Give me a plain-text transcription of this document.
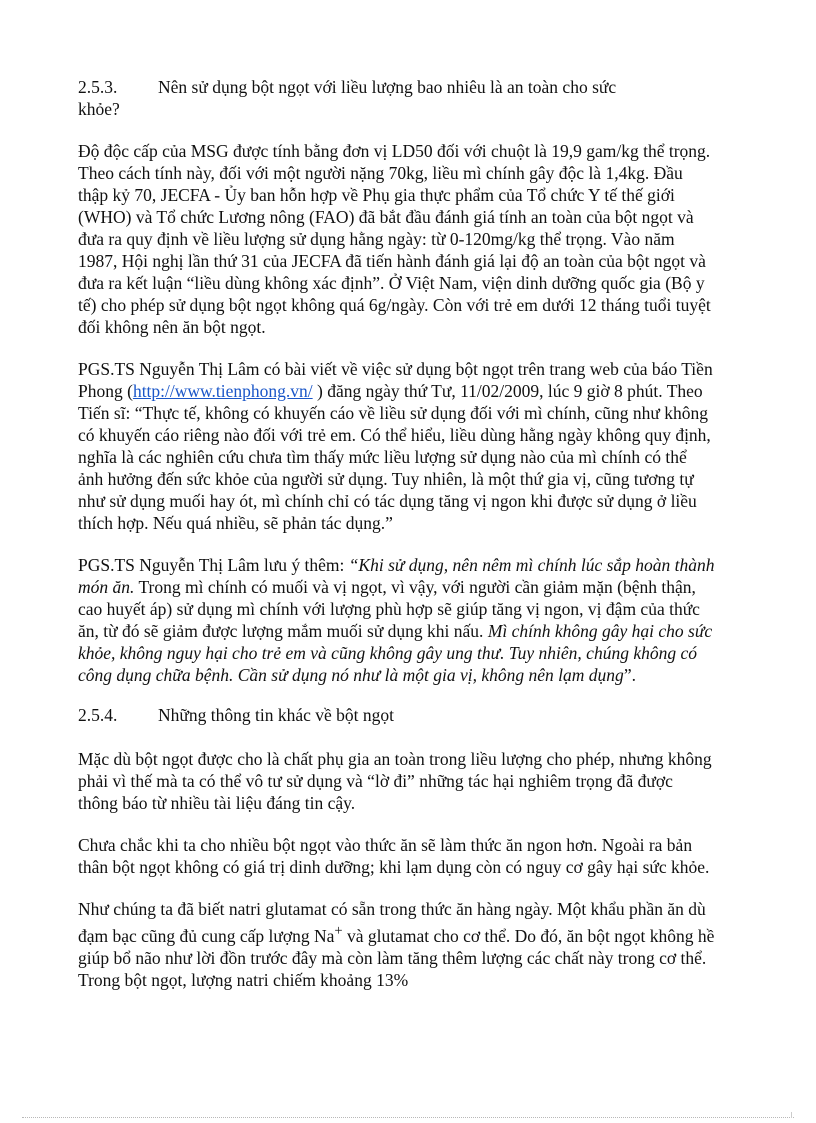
2.5.3.	Nên sử dụng bột ngọt với liều lượng bao nhiêu là an toàn cho sức
khỏe?

Độ độc cấp của MSG được tính bằng đơn vị LD50 đối với chuột là 19,9 gam/kg thể trọng. Theo cách tính này, đối với một người nặng 70kg, liều mì chính gây độc là 1,4kg. Đầu thập kỷ 70, JECFA - Ủy ban hỗn hợp về Phụ gia thực phẩm của Tổ chức Y tế thế giới (WHO) và Tổ chức Lương nông (FAO) đã bắt đầu đánh giá tính an toàn của bột ngọt và đưa ra quy định về liều lượng sử dụng hằng ngày: từ 0-120mg/kg thể trọng. Vào năm 1987, Hội nghị lần thứ 31 của JECFA đã tiến hành đánh giá lại độ an toàn của bột ngọt và đưa ra kết luận “liều dùng không xác định”. Ở Việt Nam, viện dinh dưỡng quốc gia (Bộ y tế) cho phép sử dụng bột ngọt không quá 6g/ngày. Còn với trẻ em dưới 12 tháng tuổi tuyệt đối không nên ăn bột ngọt.

PGS.TS Nguyễn Thị Lâm có bài viết về việc sử dụng bột ngọt trên trang web của báo Tiền Phong (http://www.tienphong.vn/ ) đăng ngày thứ Tư, 11/02/2009, lúc 9 giờ 8 phút. Theo Tiến sĩ: “Thực tế, không có khuyến cáo về liều sử dụng đối với mì chính, cũng như không có khuyến cáo riêng nào đối với trẻ em. Có thể hiểu, liều dùng hằng ngày không quy định, nghĩa là các nghiên cứu chưa tìm thấy mức liều lượng sử dụng nào của mì chính có thể ảnh hưởng đến sức khỏe của người sử dụng. Tuy nhiên, là một thứ gia vị, cũng tương tự như sử dụng muối hay ót, mì chính chỉ có tác dụng tăng vị ngon khi được sử dụng ở liều thích hợp. Nếu quá nhiều, sẽ phản tác dụng.”

PGS.TS Nguyễn Thị Lâm lưu ý thêm: “Khi sử dụng, nên nêm mì chính lúc sắp hoàn thành món ăn. Trong mì chính có muối và vị ngọt, vì vậy, với người cần giảm mặn (bệnh thận, cao huyết áp) sử dụng mì chính với lượng phù hợp sẽ giúp tăng vị ngon, vị đậm của thức ăn, từ đó sẽ giảm được lượng mắm muối sử dụng khi nấu. Mì chính không gây hại cho sức khỏe, không nguy hại cho trẻ em và cũng không gây ung thư. Tuy nhiên, chúng không có công dụng chữa bệnh. Cần sử dụng nó như là một gia vị, không nên lạm dụng”.

2.5.4.	Những thông tin khác về bột ngọt

Mặc dù bột ngọt được cho là chất phụ gia an toàn trong liều lượng cho phép, nhưng không phải vì thế mà ta có thể vô tư sử dụng và “lờ đi” những tác hại nghiêm trọng đã được thông báo từ nhiều tài liệu đáng tin cậy.

Chưa chắc khi ta cho nhiều bột ngọt vào thức ăn sẽ làm thức ăn ngon hơn. Ngoài ra bản thân bột ngọt không có giá trị dinh dưỡng; khi lạm dụng còn có nguy cơ gây hại sức khỏe.

Như chúng ta đã biết natri glutamat có sẵn trong thức ăn hàng ngày. Một khẩu phần ăn dù đạm bạc cũng đủ cung cấp lượng Na+ và glutamat cho cơ thể. Do đó, ăn bột ngọt không hề giúp bổ não như lời đồn trước đây mà còn làm tăng thêm lượng các chất này trong cơ thể. Trong bột ngọt, lượng natri chiếm khoảng 13%
